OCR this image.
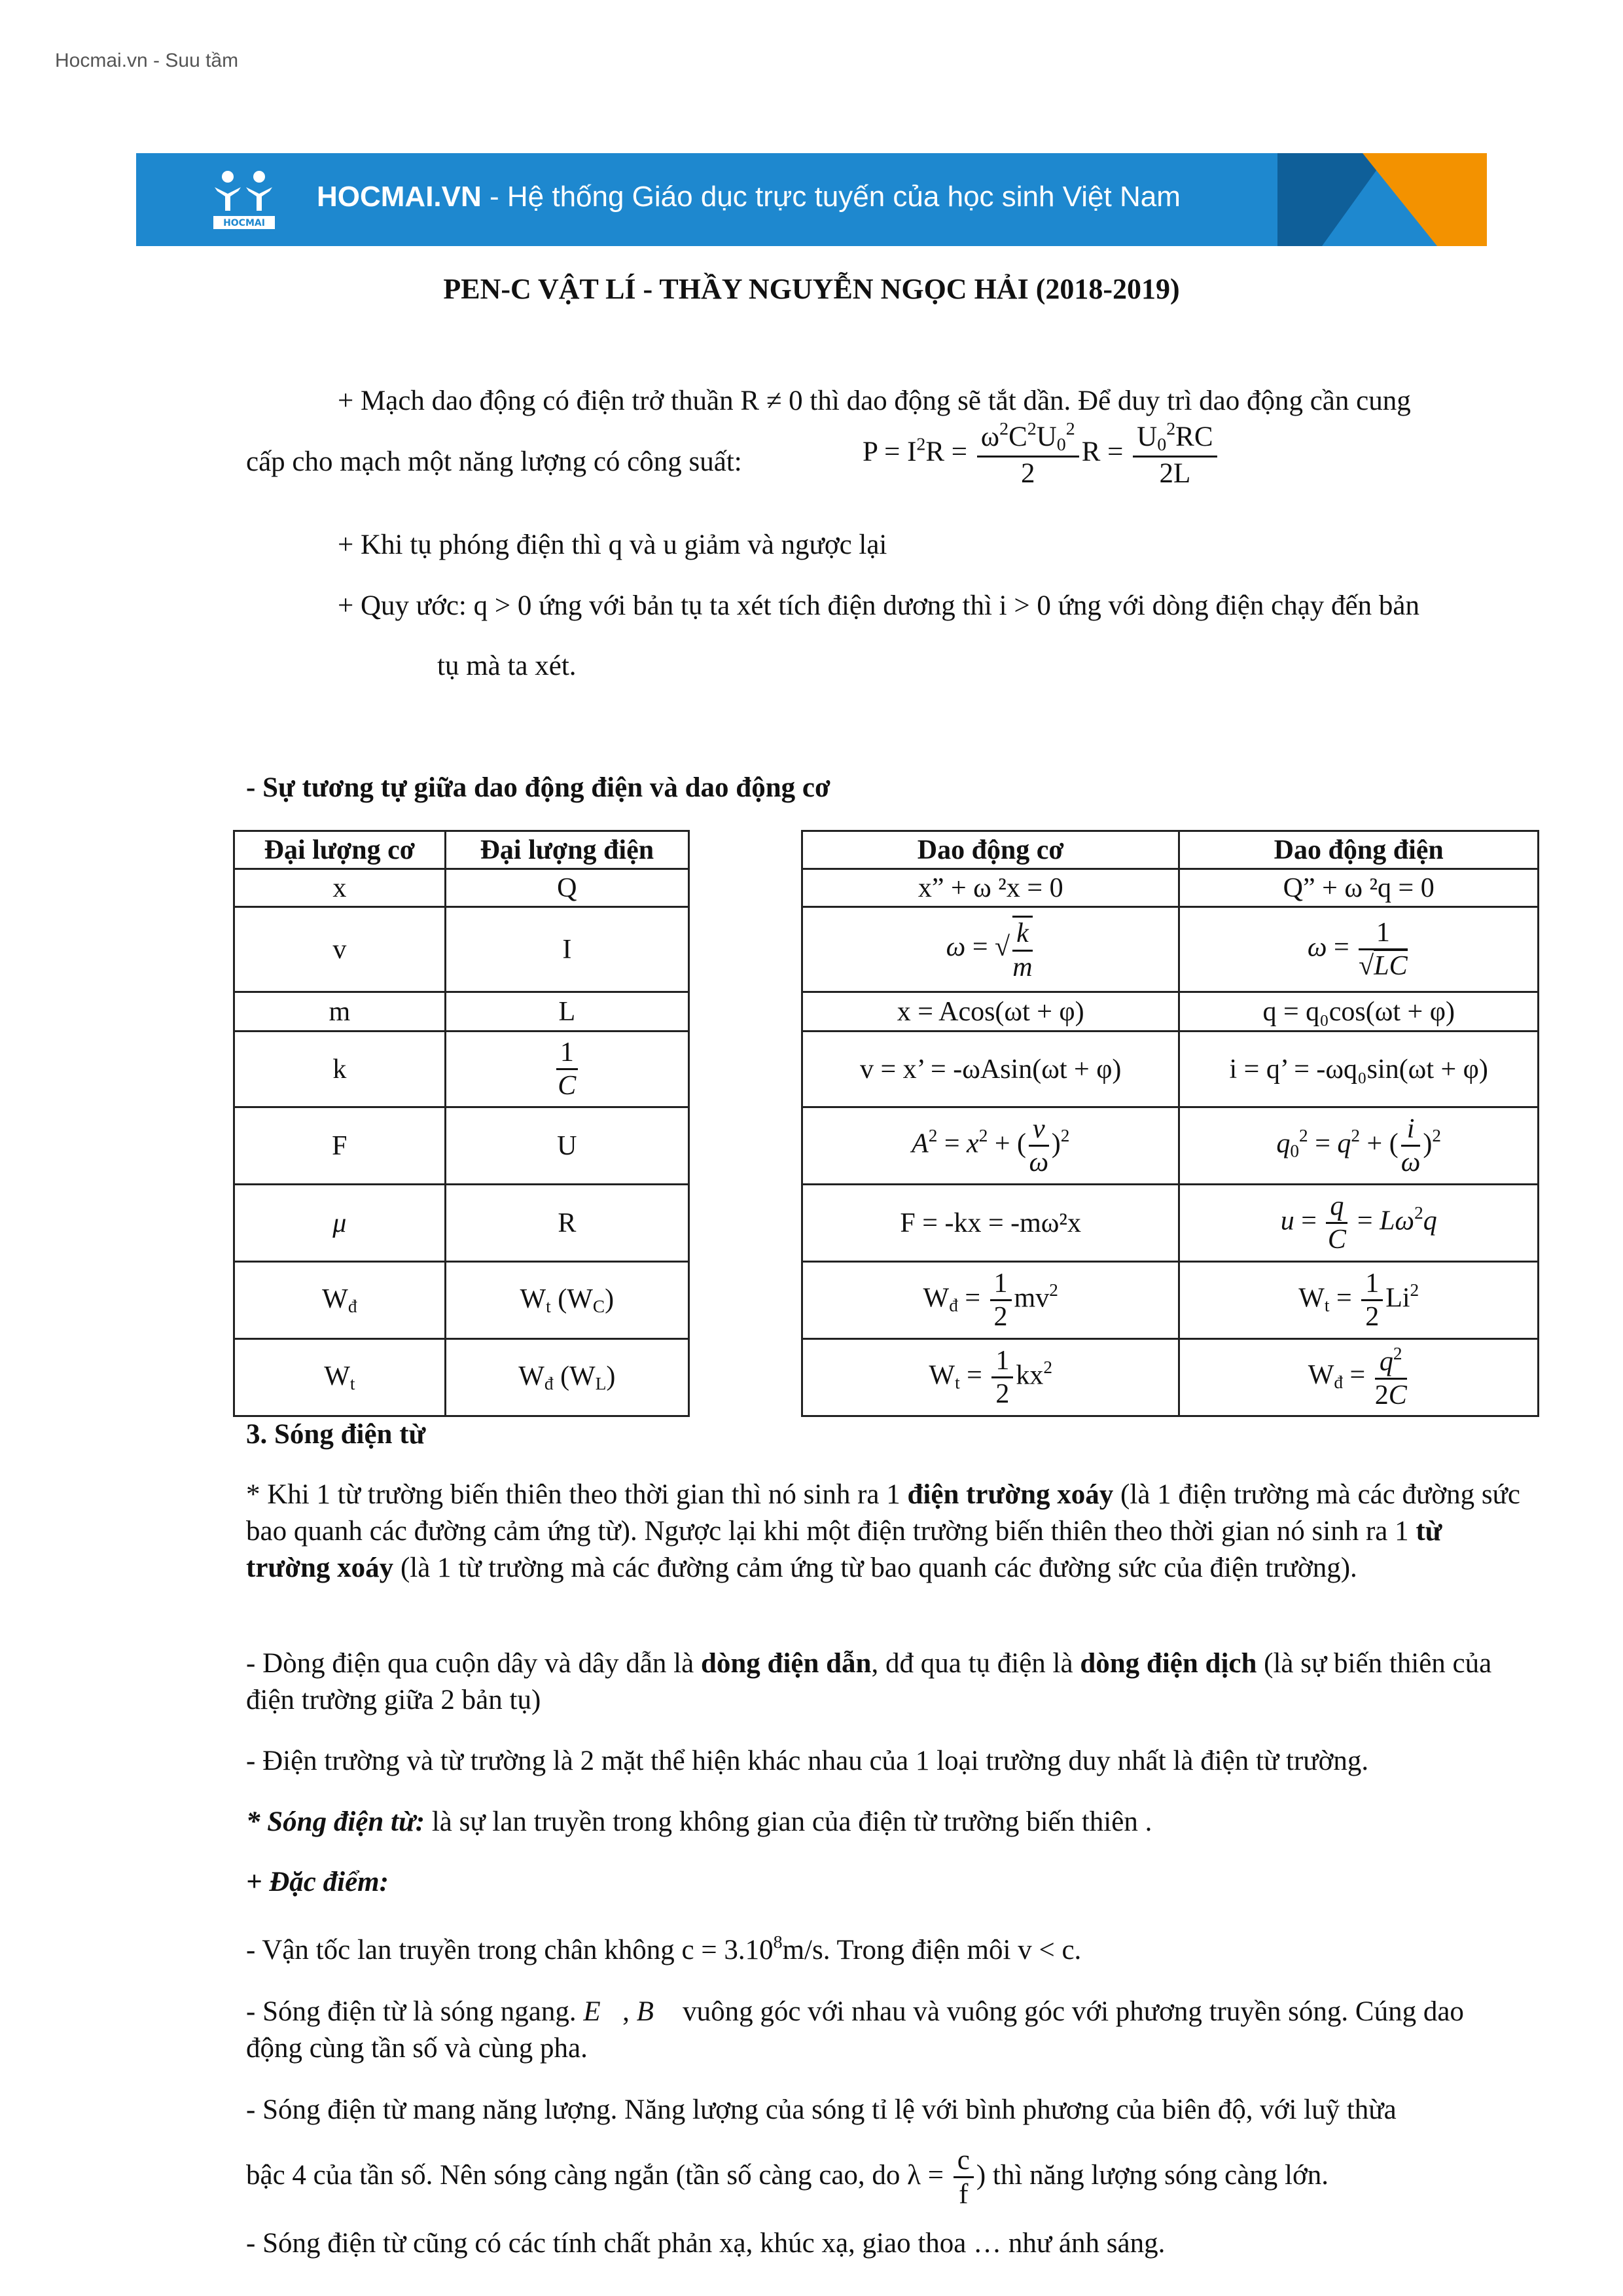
Hocmai.vn - Suu tầm
HOCMAI
HOCMAI.VN - Hệ thống Giáo dục trực tuyến của học sinh Việt Nam
PEN-C VẬT LÍ - THẦY NGUYỄN NGỌC HẢI (2018-2019)
+ Mạch dao động có điện trở thuần R ≠ 0 thì dao động sẽ tắt dần. Để duy trì dao động cần cung
cấp cho mạch một năng lượng có công suất:	$P = I^2R = \frac{\omega^2C^2U_0^2}{2}$ $R = \frac{U_0^2RC}{2L}$
+ Khi tụ phóng điện thì q và u giảm và ngược lại
+ Quy ước: q > 0 ứng với bản tụ ta xét tích điện dương thì i > 0 ứng với dòng điện chạy đến bản
tụ mà ta xét.
- Sự tương tự giữa dao động điện và dao động cơ
Đại lượng cơ	Đại lượng điện
x	Q
v	I
m	L
k	$\frac{1}{C}$

F	U
μ	R
$W_đ$	$W_t$ $(W_C)$
$W_t$	$W_đ$ $(W_L)$
Dao động cơ	Dao động điện
x” + ω ²x = 0	Q” + ω ²q = 0
ω = √ $\frac{k}{m}$	$\omega = \frac{1}{√LC}$

x = Acos(ωt + φ)	q = q₀cos(ωt + φ)
v = x’ = -ωAsin(ωt + φ)	i = q’ = -ωq₀sin(ωt + φ)
$A^2 = x^2$ + ( $\frac{v}{\omega} )^2$	$q_0^2 = q^2$ + ( $\frac{i}{\omega} )^2$
F = -kx = -mω²x	$u = \frac{q}{C} = L\omega^2q$
$W_đ = \frac{1}{2} mv^2$	$W_t = \frac{1}{2} Li^2$
$W_t = \frac{1}{2} kx^2$	$W_đ = \frac{q^2}{2C}$
3. Sóng điện từ
* Khi 1 từ trường biến thiên theo thời gian thì nó sinh ra 1 điện trường xoáy (là 1 điện trường mà các đường sức bao quanh các đường cảm ứng từ). Ngược lại khi một điện trường biến thiên theo thời gian nó sinh ra 1 từ trường xoáy (là 1 từ trường mà các đường cảm ứng từ bao quanh các đường sức của điện trường).
- Dòng điện qua cuộn dây và dây dẫn là dòng điện dẫn, dđ qua tụ điện là dòng điện dịch (là sự biến thiên của điện trường giữa 2 bản tụ)
- Điện trường và từ trường là 2 mặt thể hiện khác nhau của 1 loại trường duy nhất là điện từ trường.
* Sóng điện từ: là sự lan truyền trong không gian của điện từ trường biến thiên .
+ Đặc điểm:
- Vận tốc lan truyền trong chân không $c = 3.10^8m/s$. Trong điện môi v < c.
- Sóng điện từ là sóng ngang. E⃗, B⃗ vuông góc với nhau và vuông góc với phương truyền sóng. Cúng dao động cùng tần số và cùng pha.
- Sóng điện từ mang năng lượng. Năng lượng của sóng tỉ lệ với bình phương của biên độ, với luỹ thừa
bậc 4 của tần số. Nên sóng càng ngắn (tần số càng cao, do $\lambda = \frac{c}{f}$ ) thì năng lượng sóng càng lớn.
- Sóng điện từ cũng có các tính chất phản xạ, khúc xạ, giao thoa … như ánh sáng.
